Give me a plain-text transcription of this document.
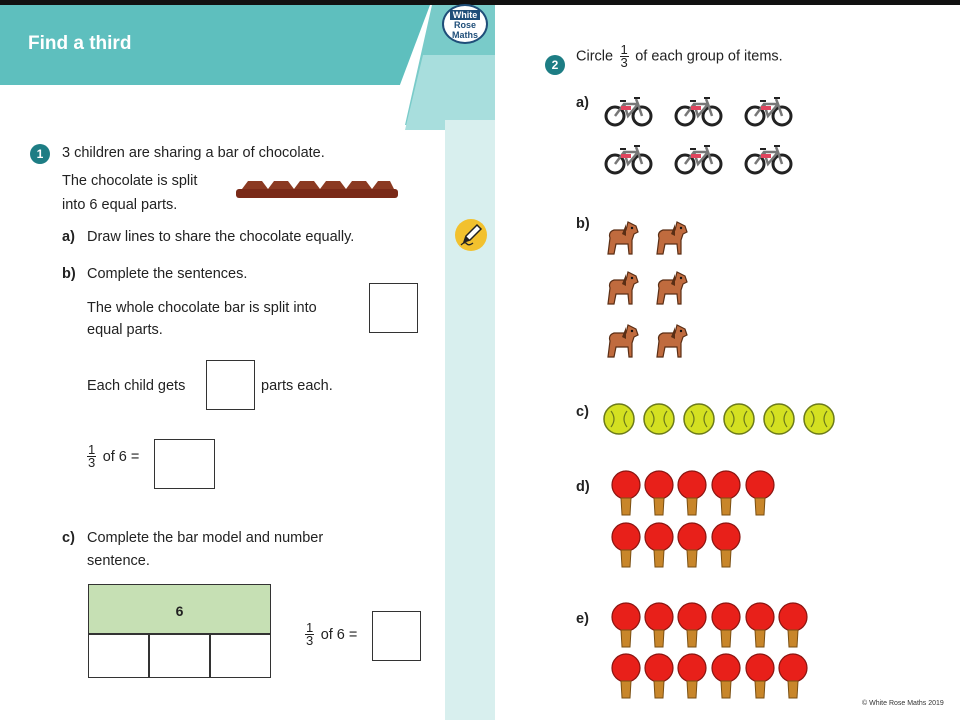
Find a third
White
Rose
Maths
1	3 children are sharing a bar of chocolate.
The chocolate is split
into 6 equal parts.
a) Draw lines to share the chocolate equally.
b) Complete the sentences.
The whole chocolate bar is split into
equal parts.
Each child gets	parts each.
$\frac{1}{3}$ of 6 =
c) Complete the bar model and number
sentence.
6
$\frac{1}{3}$ of 6 =
2
Circle $\frac{1}{3}$ of each group of items.
a)
b)
c)
d)
e)
© White Rose Maths 2019
